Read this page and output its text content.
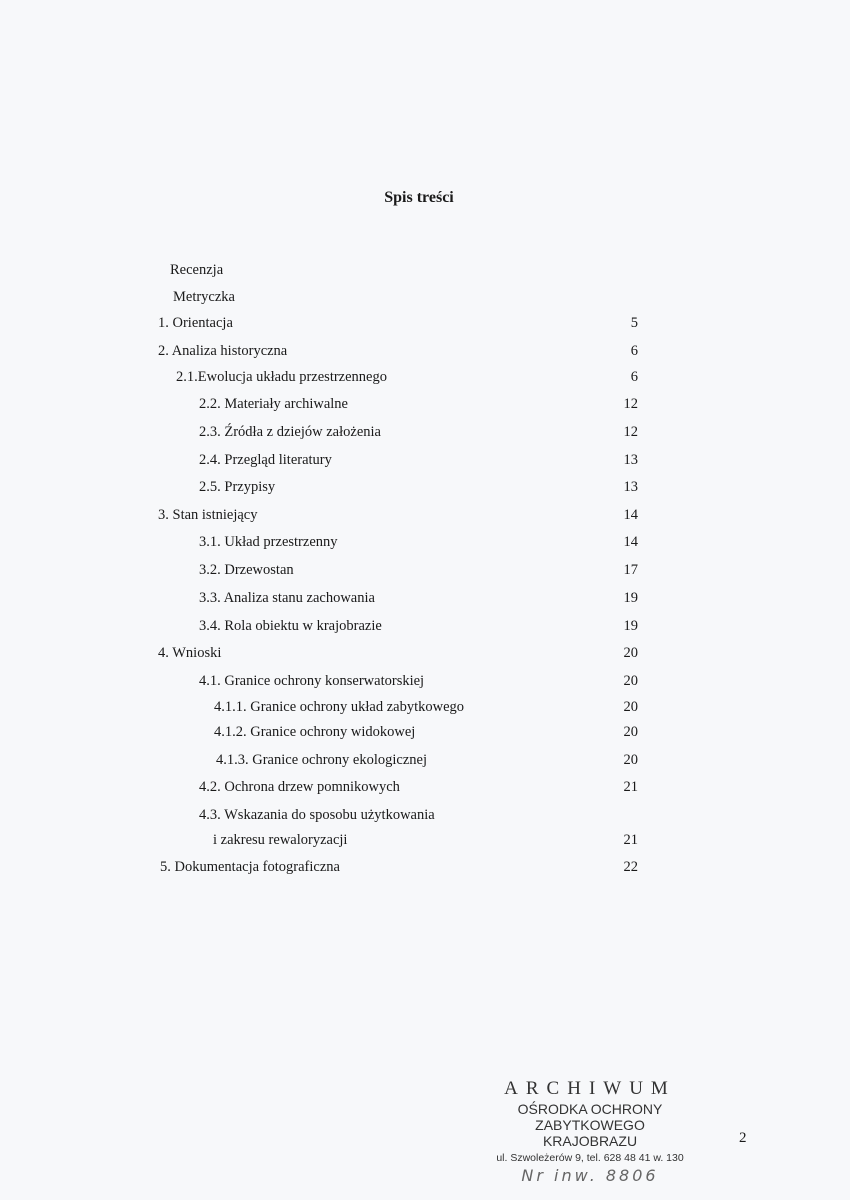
Spis treści
Recenzja
Metryczka
1. Orientacja	5
2. Analiza historyczna	6
2.1.Ewolucja układu przestrzennego	6
2.2. Materiały archiwalne	12
2.3. Źródła z dziejów założenia	12
2.4. Przegląd literatury	13
2.5. Przypisy	13
3. Stan istniejący	14
3.1. Układ przestrzenny	14
3.2. Drzewostan	17
3.3. Analiza stanu zachowania	19
3.4. Rola obiektu w krajobrazie	19
4. Wnioski	20
4.1. Granice ochrony konserwatorskiej	20
4.1.1. Granice ochrony układ zabytkowego	20
4.1.2. Granice ochrony widokowej	20
4.1.3. Granice ochrony ekologicznej	20
4.2. Ochrona drzew pomnikowych	21
4.3. Wskazania do sposobu użytkowania
i zakresu rewaloryzacji	21
5. Dokumentacja fotograficzna	22
ARCHIWUM
OŚRODKA OCHRONY
ZABYTKOWEGO KRAJOBRAZU
ul. Szwoleżerów 9, tel. 628 48 41 w. 130
Nr inw. 8806
2
